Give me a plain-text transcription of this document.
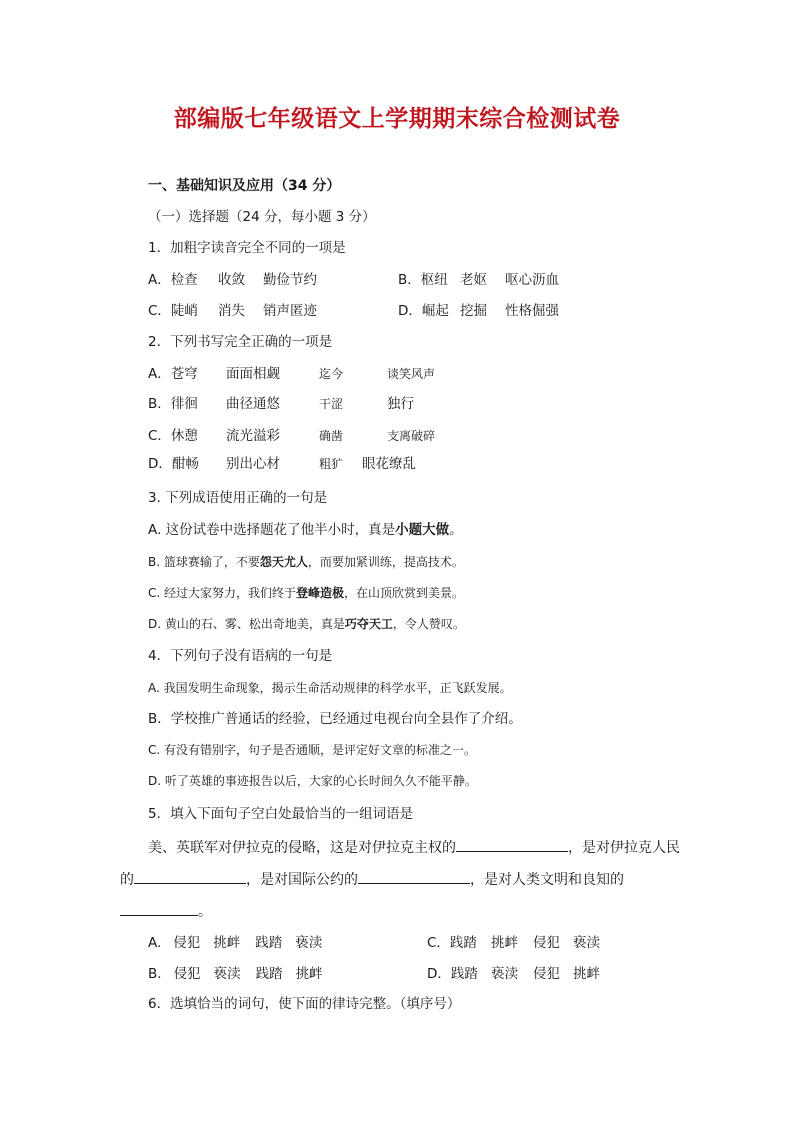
部编版七年级语文上学期期末综合检测试卷
一、基础知识及应用（34 分）
（一）选择题（24 分，每小题 3 分）
1．加粗字读音完全不同的一项是
A．检查 收敛 勤俭节约	B．枢纽 老妪 呕心沥血
C．陡峭 消失 销声匿迹	D．崛起 挖掘 性格倔强
2．下列书写完全正确的一项是
A．苍穹 面面相觑	迄今	谈笑风声
B．徘徊 曲径通悠	干涩	独行
C．休憩 流光溢彩	确凿	支离破碎
D．酣畅 别出心材	粗犷 眼花缭乱
3. 下列成语使用正确的一句是
A. 这份试卷中选择题花了他半小时，真是小题大做。
B. 篮球赛输了，不要怨天尤人，而要加紧训练，提高技术。
C. 经过大家努力，我们终于登峰造极，在山顶欣赏到美景。
D. 黄山的石、雾、松出奇地美，真是巧夺天工，令人赞叹。
4．下列句子没有语病的一句是
A. 我国发明生命现象，揭示生命活动规律的科学水平，正飞跃发展。
B．学校推广普通话的经验，已经通过电视台向全县作了介绍。
C. 有没有错别字，句子是否通顺，是评定好文章的标准之一。
D. 听了英雄的事迹报告以后，大家的心长时间久久不能平静。
5．填入下面句子空白处最恰当的一组词语是
美、英联军对伊拉克的侵略，这是对伊拉克主权的	，是对伊拉克人民
的	，是对国际公约的	，是对人类文明和良知的
。
A. 侵犯 挑衅 践踏 亵渎	C．践踏 挑衅 侵犯 亵渎
B. 侵犯 亵渎 践踏 挑衅	D．践踏 亵渎 侵犯 挑衅
6．选填恰当的词句，使下面的律诗完整。（填序号）
